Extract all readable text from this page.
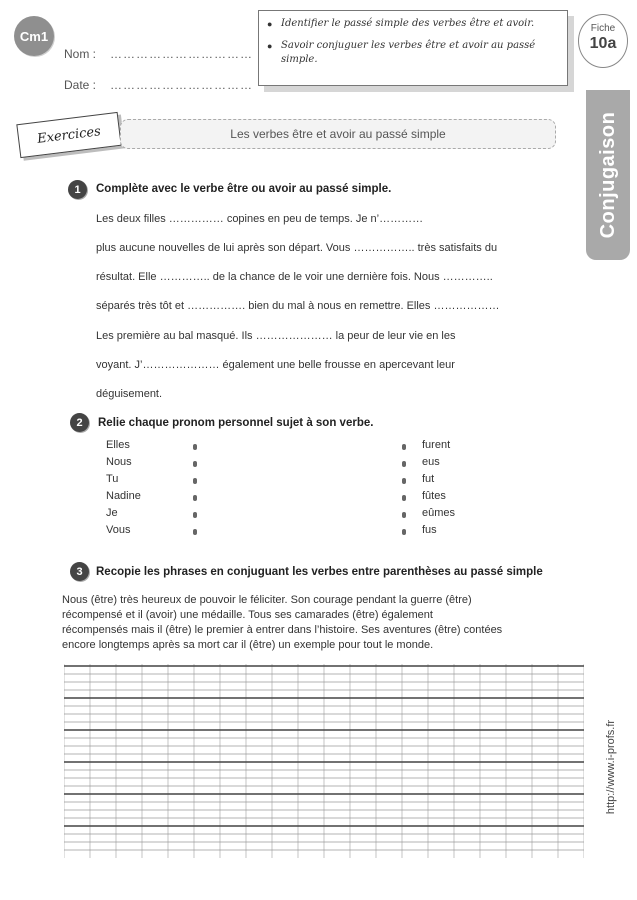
Cm1
Nom : ……………………………
Date : ……………………………
● Identifier le passé simple des verbes être et avoir.
● Savoir conjuguer les verbes être et avoir au passé simple.
Fiche
10a
Conjugaison
Exercices	Les verbes être et avoir au passé simple
1	Complète avec le verbe être ou avoir au passé simple.
Les deux filles …………… copines en peu de temps. Je n’…………
plus aucune nouvelles de lui après son départ. Vous …………….. très satisfaits du
résultat. Elle ………….. de la chance de le voir une dernière fois. Nous …………..
séparés très tôt et ……………. bien du mal à nous en remettre. Elles ………………
Les première au bal masqué. Ils ………………… la peur de leur vie en les
voyant. J’………………… également une belle frousse en apercevant leur
déguisement.
2	Relie chaque pronom personnel sujet à son verbe.
Elles
Nous
Tu
Nadine
Je
Vous
furent
eus
fut
fûtes
eûmes
fus
3	Recopie les phrases en conjuguant les verbes entre parenthèses au passé simple
Nous (être) très heureux de pouvoir le féliciter. Son courage pendant la guerre (être)
récompensé et il (avoir) une médaille. Tous ses camarades (être) également
récompensés mais il (être) le premier à entrer dans l’histoire. Ses aventures (être) contées
encore longtemps après sa mort car il (être) un exemple pour tout le monde.
http://www.i-profs.fr
